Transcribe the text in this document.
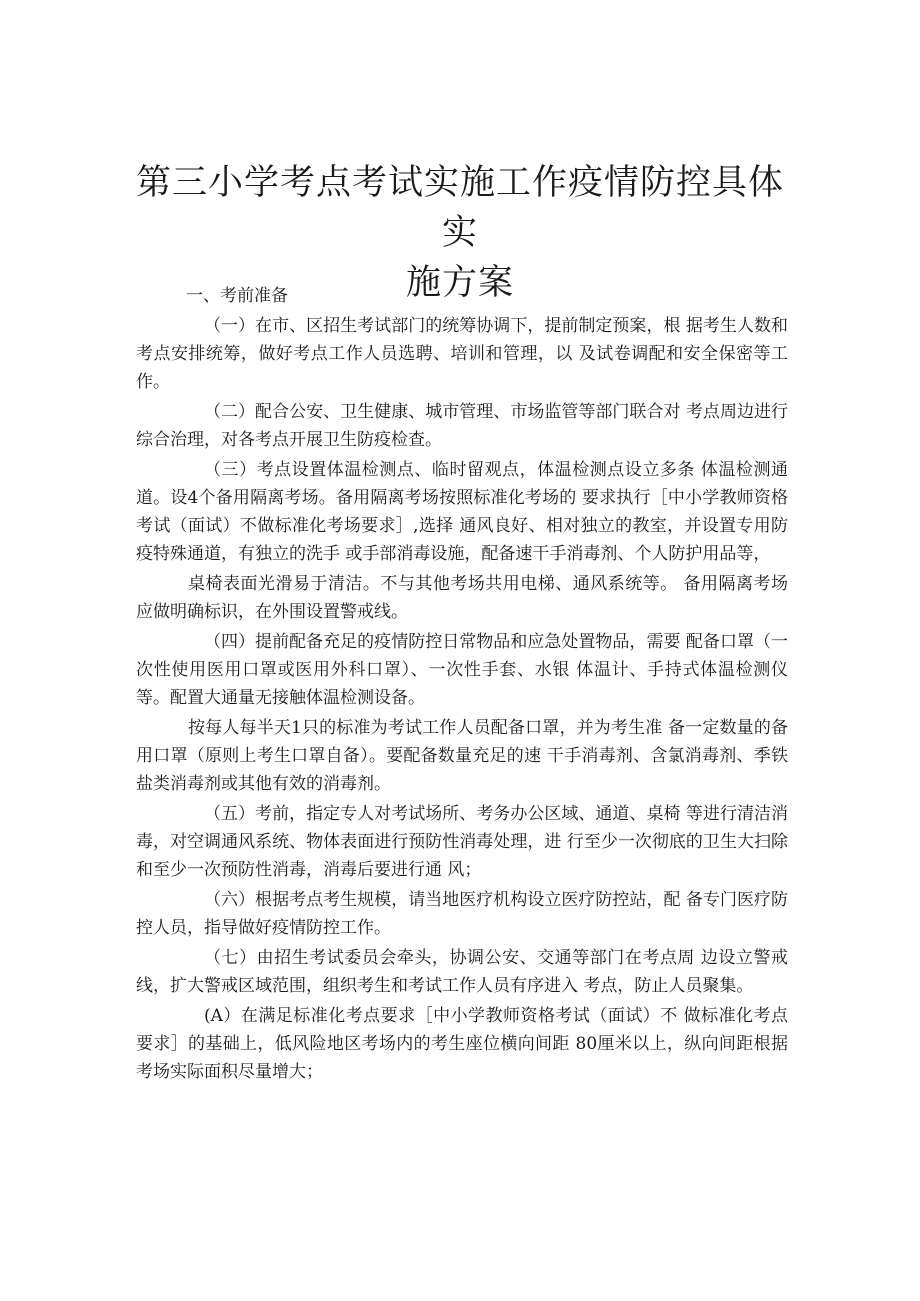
第三小学考点考试实施工作疫情防控具体实
施方案

一、考前准备

（一）在市、区招生考试部门的统筹协调下，提前制定预案，根 据考生人数和考点安排统筹，做好考点工作人员选聘、培训和管理，以 及试卷调配和安全保密等工作。

（二）配合公安、卫生健康、城市管理、市场监管等部门联合对 考点周边进行综合治理，对各考点开展卫生防疫检查。

（三）考点设置体温检测点、临时留观点，体温检测点设立多条 体温检测通道。设4个备用隔离考场。备用隔离考场按照标准化考场的 要求执行［中小学教师资格考试（面试）不做标准化考场要求］,选择 通风良好、相对独立的教室，并设置专用防疫特殊通道，有独立的洗手 或手部消毒设施，配备速干手消毒剂、个人防护用品等，

桌椅表面光滑易于清洁。不与其他考场共用电梯、通风系统等。 备用隔离考场应做明确标识，在外围设置警戒线。

（四）提前配备充足的疫情防控日常物品和应急处置物品，需要 配备口罩（一次性使用医用口罩或医用外科口罩）、一次性手套、水银 体温计、手持式体温检测仪等。配置大通量无接触体温检测设备。

按每人每半天1只的标准为考试工作人员配备口罩，并为考生准 备一定数量的备用口罩（原则上考生口罩自备）。要配备数量充足的速 干手消毒剂、含氯消毒剂、季铁盐类消毒剂或其他有效的消毒剂。

（五）考前，指定专人对考试场所、考务办公区域、通道、桌椅 等进行清洁消毒，对空调通风系统、物体表面进行预防性消毒处理，进 行至少一次彻底的卫生大扫除和至少一次预防性消毒，消毒后要进行通 风；

（六）根据考点考生规模，请当地医疗机构设立医疗防控站，配 备专门医疗防控人员，指导做好疫情防控工作。

（七）由招生考试委员会牵头，协调公安、交通等部门在考点周 边设立警戒线，扩大警戒区域范围，组织考生和考试工作人员有序进入 考点，防止人员聚集。

(A）在满足标准化考点要求［中小学教师资格考试（面试）不 做标准化考点要求］的基础上，低风险地区考场内的考生座位横向间距 80厘米以上，纵向间距根据考场实际面积尽量增大；
